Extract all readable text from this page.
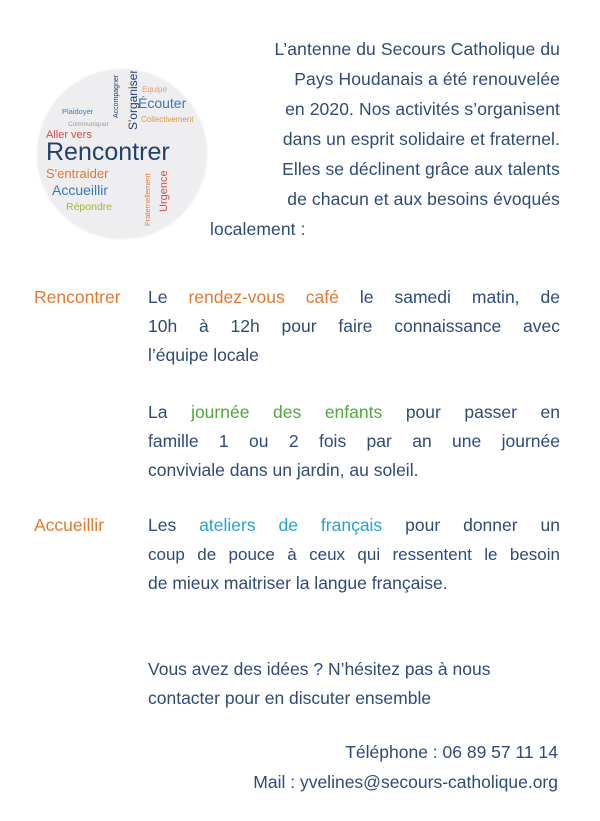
Plaidoyer	Accompagner	Equipe
Communiquer
Écouter
Aller vers
S'organiser Collectivement
Rencontrer
S'entraider
Accueillir	Fraternellement Urgence
Répondre
L’antenne du Secours Catholique du
Pays Houdanais a été renouvelée
en 2020. Nos activités s’organisent
dans un esprit solidaire et fraternel.
Elles se déclinent grâce aux talents
de chacun et aux besoins évoqués
localement :
Rencontrer Le rendez-vous café le samedi matin, de
10h à 12h pour faire connaissance avec
l’équipe locale
La journée des enfants pour passer en
famille 1 ou 2 fois par an une journée
conviviale dans un jardin, au soleil.
Accueillir	Les ateliers de français pour donner un
coup de pouce à ceux qui ressentent le besoin
de mieux maitriser la langue française.
Vous avez des idées ? N’hésitez pas à nous
contacter pour en discuter ensemble
Téléphone : 06 89 57 11 14
Mail : yvelines@secours-catholique.org
